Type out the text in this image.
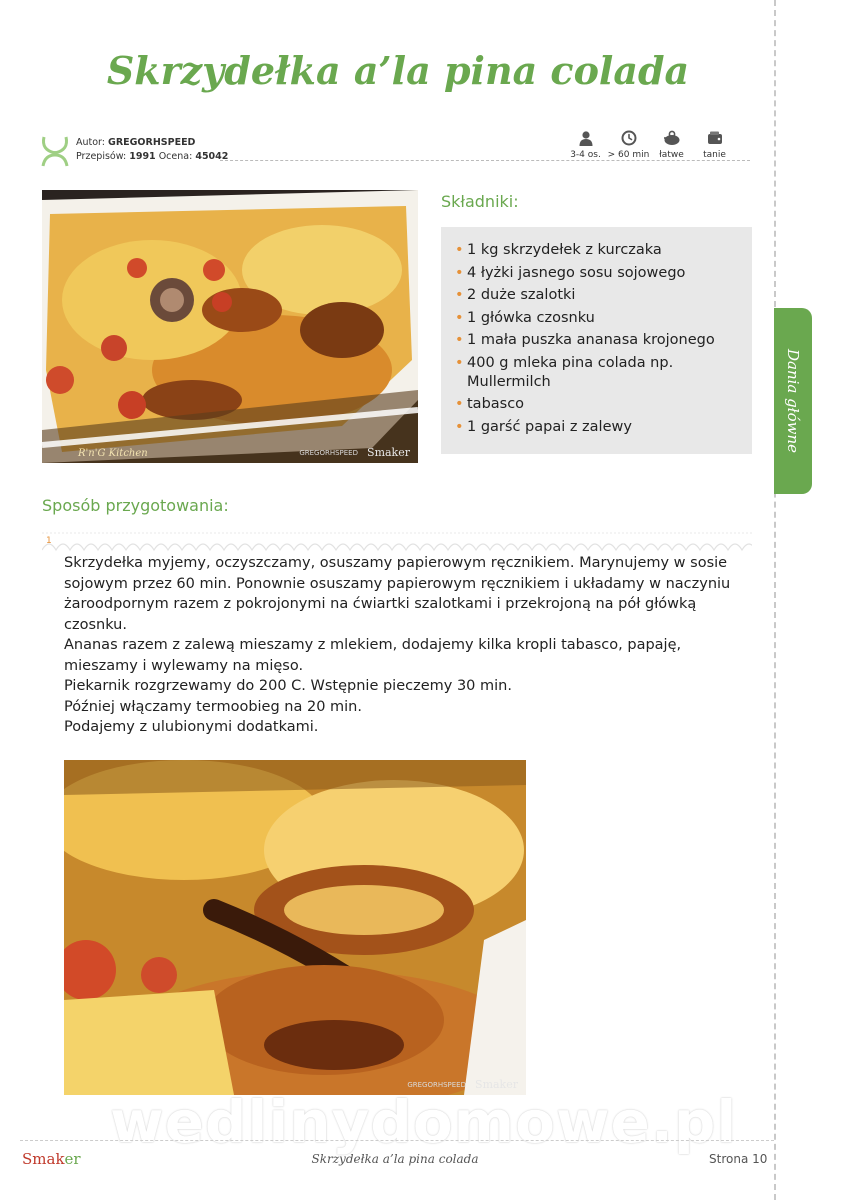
Dania główne
Skrzydełka a’la pina colada
Autor: GREGORHSPEED
Przepisów: 1991 Ocena: 45042	3-4 os. > 60 min	łatwe	tanie
R'n'G Kitchen	GREGORHSPEED Smaker
Składniki:
• 1 kg skrzydełek z kurczaka
• 4 łyżki jasnego sosu sojowego
• 2 duże szalotki
• 1 główka czosnku
• 1 mała puszka ananasa krojonego
• 400 g mleka pina colada np. Mullermilch
• tabasco
• 1 garść papai z zalewy
Sposób przygotowania:
1

Skrzydełka myjemy, oczyszczamy, osuszamy papierowym ręcznikiem. Marynujemy w sosie sojowym przez 60 min. Ponownie osuszamy papierowym ręcznikiem i układamy w naczyniu żaroodpornym razem z pokrojonymi na ćwiartki szalotkami i przekrojoną na pół główką czosnku.

Ananas razem z zalewą mieszamy z mlekiem, dodajemy kilka kropli tabasco, papaję, mieszamy i wylewamy na mięso.

Piekarnik rozgrzewamy do 200 C. Wstępnie pieczemy 30 min.

Później włączamy termoobieg na 20 min.

Podajemy z ulubionymi dodatkami.

GREGORHSPEED Smaker
wedlinydomowe.pl
Smaker	Skrzydełka a’la pina colada	Strona 10
